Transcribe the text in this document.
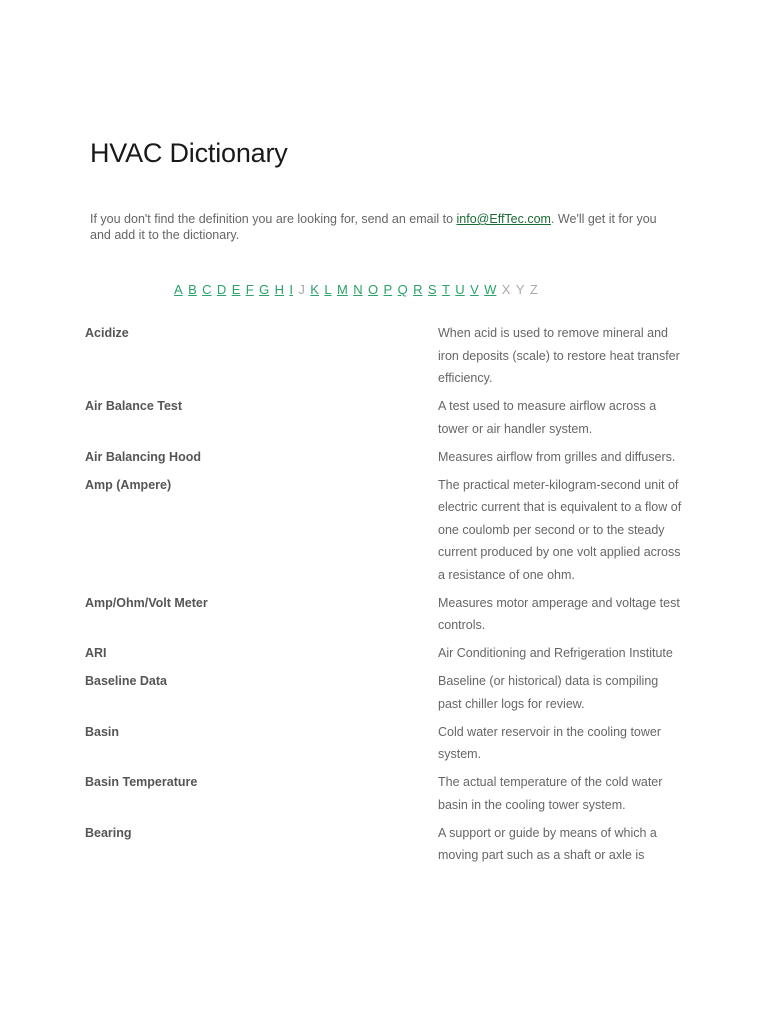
HVAC Dictionary

If you don't find the definition you are looking for, send an email to info@EffTec.com. We'll get it for you and add it to the dictionary.

A B C D E F G H I J K L M N O P Q R S T U V W X Y Z
Acidize	When acid is used to remove mineral and iron deposits (scale) to restore heat transfer efficiency.
Air Balance Test	A test used to measure airflow across a tower or air handler system.
Air Balancing Hood	Measures airflow from grilles and diffusers.
Amp (Ampere)	The practical meter-kilogram-second unit of electric current that is equivalent to a flow of one coulomb per second or to the steady current produced by one volt applied across a resistance of one ohm.
Amp/Ohm/Volt Meter	Measures motor amperage and voltage test controls.
ARI	Air Conditioning and Refrigeration Institute
Baseline Data	Baseline (or historical) data is compiling past chiller logs for review.
Basin	Cold water reservoir in the cooling tower system.
Basin Temperature	The actual temperature of the cold water basin in the cooling tower system.
Bearing	A support or guide by means of which a moving part such as a shaft or axle is
